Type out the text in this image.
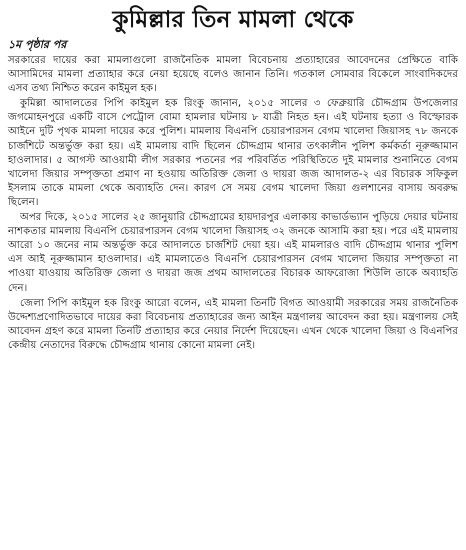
কুমিল্লার তিন মামলা থেকে
১ম পৃষ্ঠার পর

সরকারের দায়ের করা মামলাগুলো রাজনৈতিক মামলা বিবেচনায় প্রত্যাহারের আবেদনের প্রেক্ষিতে বাকি আসামিদের মামলা প্রত্যাহার করে নেয়া হয়েছে বলেও জানান তিনি। গতকাল সোমবার বিকেলে সাংবাদিকদের এসব তথ্য নিশ্চিত করেন কাইমুল হক।

কুমিল্লা আদালতের পিপি কাইমুল হক রিংকু জানান, ২০১৫ সালের ৩ ফেব্রুয়ারি চৌদ্দগ্রাম উপজেলার জগমোহনপুরে একটি বাসে পেট্রোল বোমা হামলার ঘটনায় ৮ যাত্রী নিহত হন। এই ঘটনায় হত্যা ও বিস্ফোরক আইনে দুটি পৃথক মামলা দায়ের করে পুলিশ। মামলায় বিএনপি চেয়ারপারসন বেগম খালেদা জিয়াসহ ৭৮ জনকে চার্জশিটে অন্তর্ভুক্ত করা হয়। এই মামলায় বাদি ছিলেন চৌদ্দগ্রাম থানার তৎকালীন পুলিশ কর্মকর্তা নূরুজ্জামান হাওলাদার। ৫ আগস্ট আওয়ামী লীগ সরকার পতনের পর পরিবর্তিত পরিস্থিতিতে দুই মামলার শুনানিতে বেগম খালেদা জিয়ার সম্পৃক্ততা প্রমাণ না হওয়ায় অতিরিক্ত জেলা ও দায়রা জজ আদালত-২ এর বিচারক সফিকুল ইসলাম তাকে মামলা থেকে অব্যাহতি দেন। কারণ সে সময় বেগম খালেদা জিয়া গুলশানের বাসায় অবরুদ্ধ ছিলেন।

অপর দিকে, ২০১৫ সালের ২৫ জানুয়ারি চৌদ্দগ্রামের হায়দারপুর এলাকায় কাভার্ডভ্যান পুড়িয়ে দেয়ার ঘটনায় নাশকতার মামলায় বিএনপি চেয়ারপারসন বেগম খালেদা জিয়াসহ ৩২ জনকে আসামি করা হয়। পরে এই মামলায় আরো ১০ জনের নাম অন্তর্ভুক্ত করে আদালতে চার্জশিট দেয়া হয়। এই মামলারও বাদি চৌদ্দগ্রাম থানার পুলিশ এস আই নূরুজ্জামান হাওলাদার। এই মামলাতেও বিএনপি চেয়ারপারসন বেগম খালেদা জিয়ার সম্পৃক্ততা না পাওয়া যাওয়ায় অতিরিক্ত জেলা ও দায়রা জজ প্রথম আদালতের বিচারক আফরোজা শিউলি তাকে অব্যাহতি দেন।

জেলা পিপি কাইমুল হক রিংকু আরো বলেন, এই মামলা তিনটি বিগত আওয়ামী সরকারের সময় রাজনৈতিক উদ্দেশ্যপ্রণোদিতভাবে দায়ের করা বিবেচনায় প্রত্যাহারের জন্য আইন মন্ত্রণালয় আবেদন করা হয়। মন্ত্রণালয় সেই আবেদন গ্রহণ করে মামলা তিনটি প্রত্যাহার করে নেয়ার নির্দেশ দিয়েছেন। এখন থেকে খালেদা জিয়া ও বিএনপির কেন্দ্রীয় নেতাদের বিরুদ্ধে চৌদ্দগ্রাম থানায় কোনো মামলা নেই।
